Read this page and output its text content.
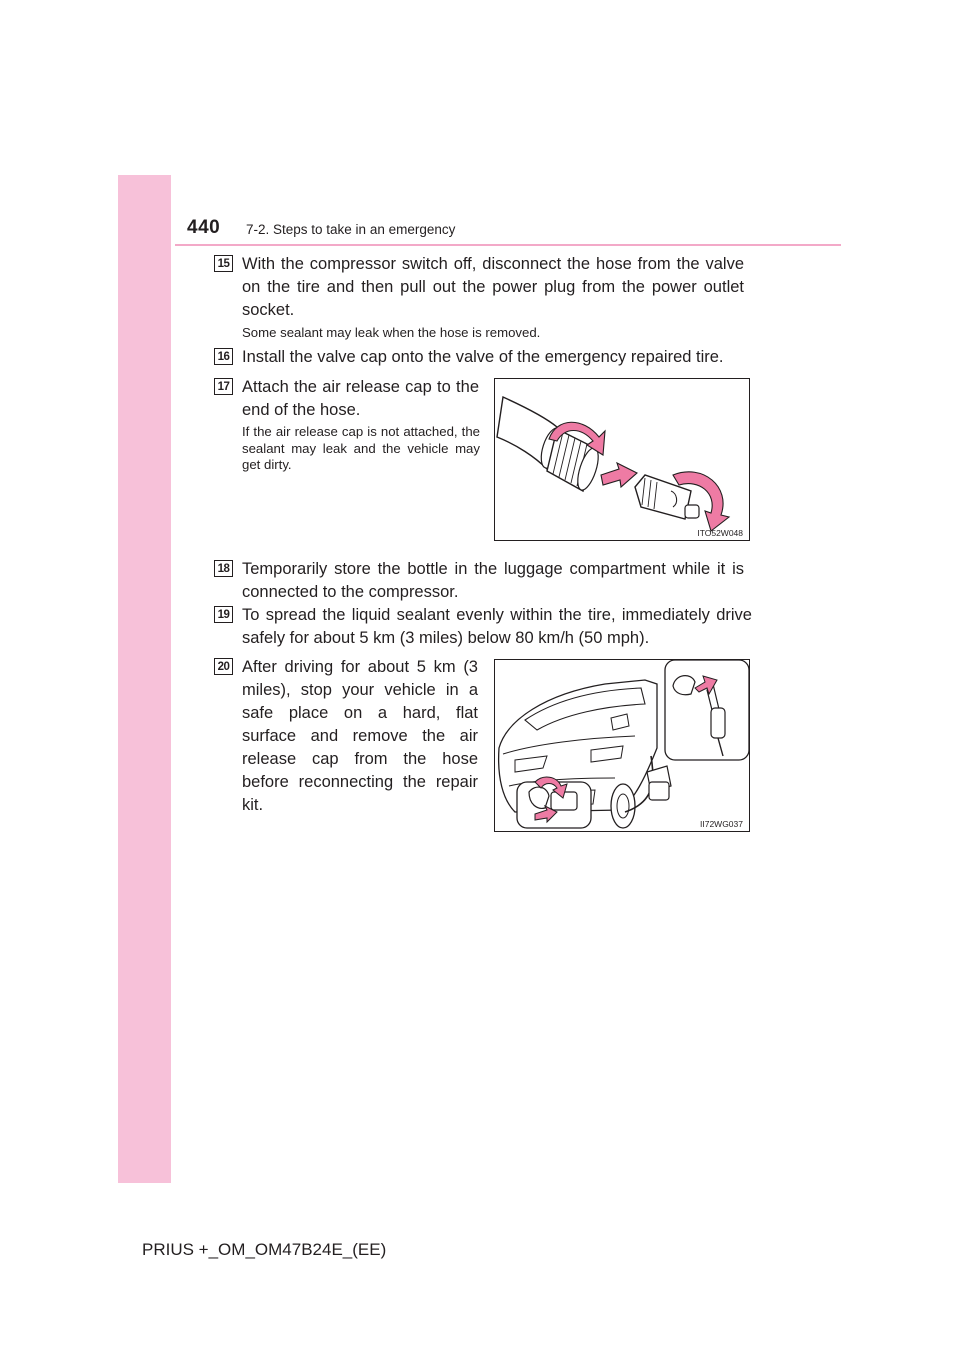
440 7-2. Steps to take in an emergency
15 With the compressor switch off, disconnect the hose from the valve on the tire and then pull out the power plug from the power outlet socket.
Some sealant may leak when the hose is removed.
16 Install the valve cap onto the valve of the emergency repaired tire.
17 Attach the air release cap to the end of the hose.
If the air release cap is not attached, the sealant may leak and the vehicle may get dirty.
ITO52W048
18 Temporarily store the bottle in the luggage compartment while it is connected to the compressor.
19 To spread the liquid sealant evenly within the tire, immediately drive safely for about 5 km (3 miles) below 80 km/h (50 mph).
20 After driving for about 5 km (3 miles), stop your vehicle in a safe place on a hard, flat surface and remove the air release cap from the hose before reconnecting the repair kit.
II72WG037
PRIUS +_OM_OM47B24E_(EE)
